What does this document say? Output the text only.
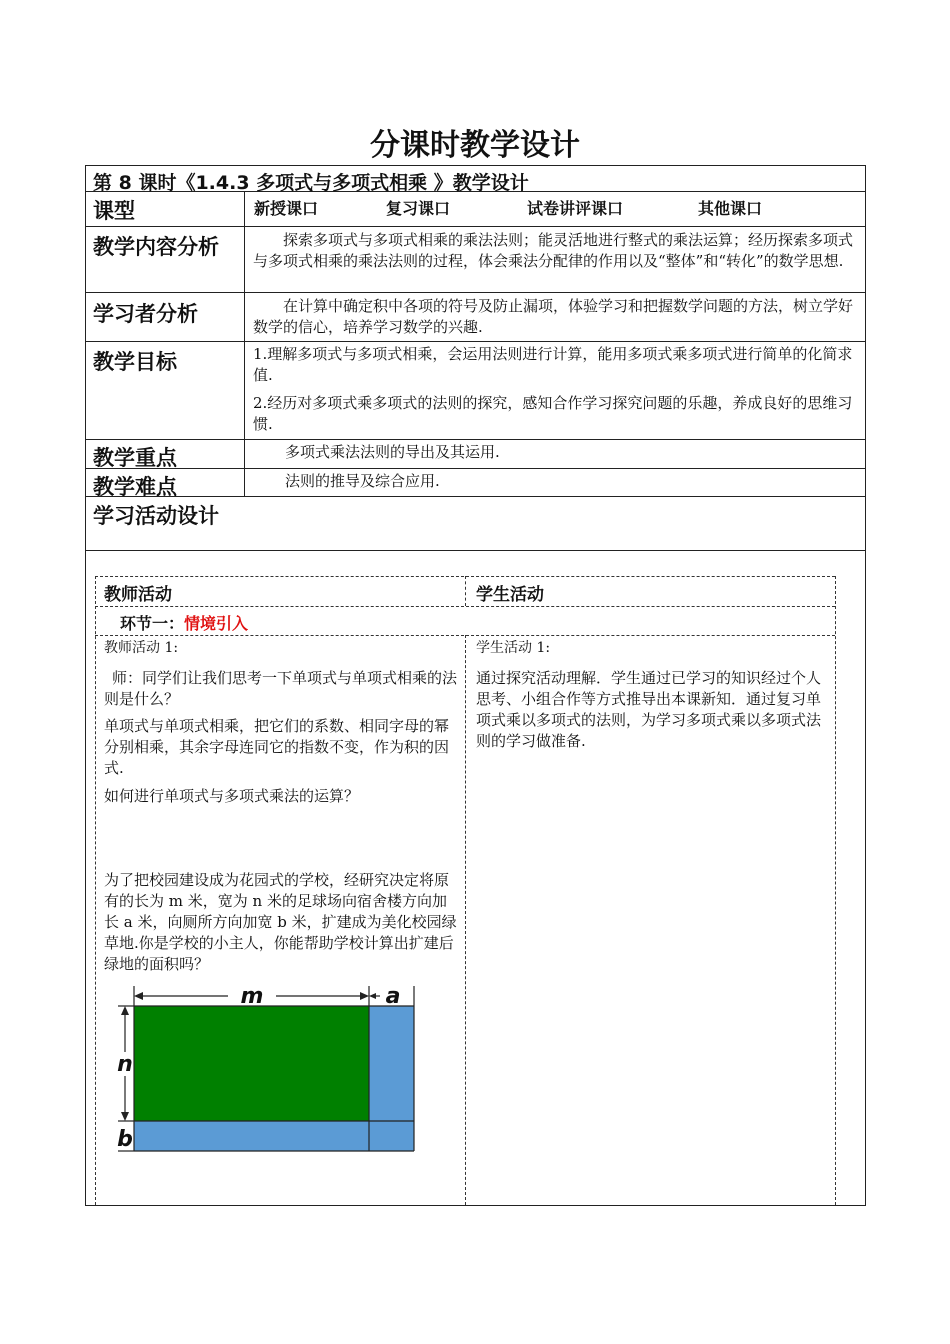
分课时教学设计
第 8 课时《1.4.3 多项式与多项式相乘 》教学设计
课型	新授课口	复习课口	试卷讲评课口	其他课口
教学内容分析	探索多项式与多项式相乘的乘法法则；能灵活地进行整式的乘法运算；经历探索多项式与多项式相乘的乘法法则的过程，体会乘法分配律的作用以及“整体”和“转化”的数学思想.
学习者分析	在计算中确定积中各项的符号及防止漏项，体验学习和把握数学问题的方法，树立学好数学的信心，培养学习数学的兴趣.
教学目标	1.理解多项式与多项式相乘，会运用法则进行计算，能用多项式乘多项式进行简单的化简求值.
2.经历对多项式乘多项式的法则的探究，感知合作学习探究问题的乐趣，养成良好的思维习惯.
教学重点	多项式乘法法则的导出及其运用.
教学难点	法则的推导及综合应用.
学习活动设计
教师活动	学生活动
环节一：情境引入
教师活动 1:
师：同学们让我们思考一下单项式与单项式相乘的法则是什么？
单项式与单项式相乘，把它们的系数、相同字母的幂分别相乘，其余字母连同它的指数不变，作为积的因式.
如何进行单项式与多项式乘法的运算？
为了把校园建设成为花园式的学校，经研究决定将原有的长为 m 米，宽为 n 米的足球场向宿舍楼方向加长 a 米，向厕所方向加宽 b 米，扩建成为美化校园绿草地.你是学校的小主人，你能帮助学校计算出扩建后绿地的面积吗？
学生活动 1:
通过探究活动理解．学生通过已学习的知识经过个人思考、小组合作等方式推导出本课新知．通过复习单项式乘以多项式的法则，为学习多项式乘以多项式法则的学习做准备.
m	a
n
b
